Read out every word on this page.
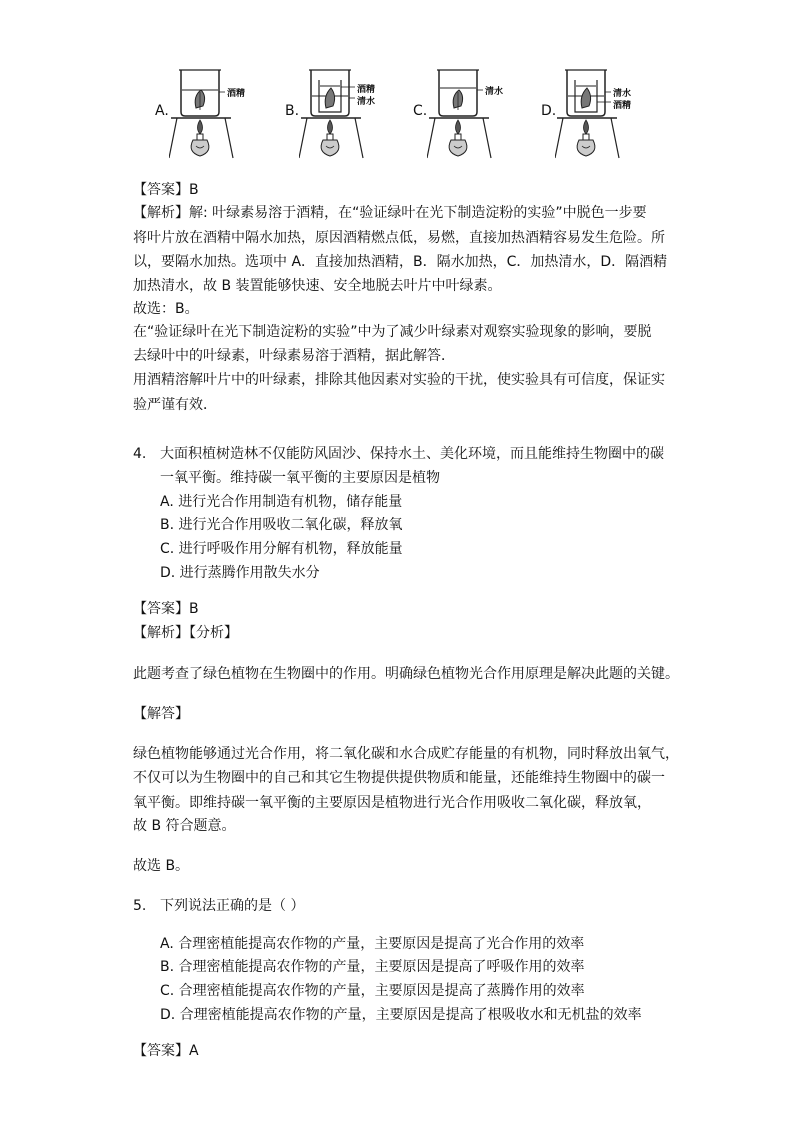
A.
酒精
B.
酒精
清水
C.
清水
D.
清水
酒精
【答案】B
【解析】解: 叶绿素易溶于酒精，在“验证绿叶在光下制造淀粉的实验”中脱色一步要
将叶片放在酒精中隔水加热，原因酒精燃点低，易燃，直接加热酒精容易发生危险。所
以，要隔水加热。选项中 A．直接加热酒精，B．隔水加热，C．加热清水，D．隔酒精
加热清水，故 B 装置能够快速、安全地脱去叶片中叶绿素。
故选：B。
在“验证绿叶在光下制造淀粉的实验”中为了减少叶绿素对观察实验现象的影响，要脱
去绿叶中的叶绿素，叶绿素易溶于酒精，据此解答．
用酒精溶解叶片中的叶绿素，排除其他因素对实验的干扰，使实验具有可信度，保证实
验严谨有效．
4. 大面积植树造林不仅能防风固沙、保持水土、美化环境，而且能维持生物圈中的碳
一氧平衡。维持碳一氧平衡的主要原因是植物
A. 进行光合作用制造有机物，储存能量
B. 进行光合作用吸收二氧化碳，释放氧
C. 进行呼吸作用分解有机物，释放能量
D. 进行蒸腾作用散失水分
【答案】B
【解析】【分析】
此题考查了绿色植物在生物圈中的作用。明确绿色植物光合作用原理是解决此题的关键。
【解答】
绿色植物能够通过光合作用，将二氧化碳和水合成贮存能量的有机物，同时释放出氧气，
不仅可以为生物圈中的自己和其它生物提供提供物质和能量，还能维持生物圈中的碳一
氧平衡。即维持碳一氧平衡的主要原因是植物进行光合作用吸收二氧化碳，释放氧，
故 B 符合题意。
故选 B。
5. 下列说法正确的是（ ）
A. 合理密植能提高农作物的产量，主要原因是提高了光合作用的效率
B. 合理密植能提高农作物的产量，主要原因是提高了呼吸作用的效率
C. 合理密植能提高农作物的产量，主要原因是提高了蒸腾作用的效率
D. 合理密植能提高农作物的产量，主要原因是提高了根吸收水和无机盐的效率
【答案】A
